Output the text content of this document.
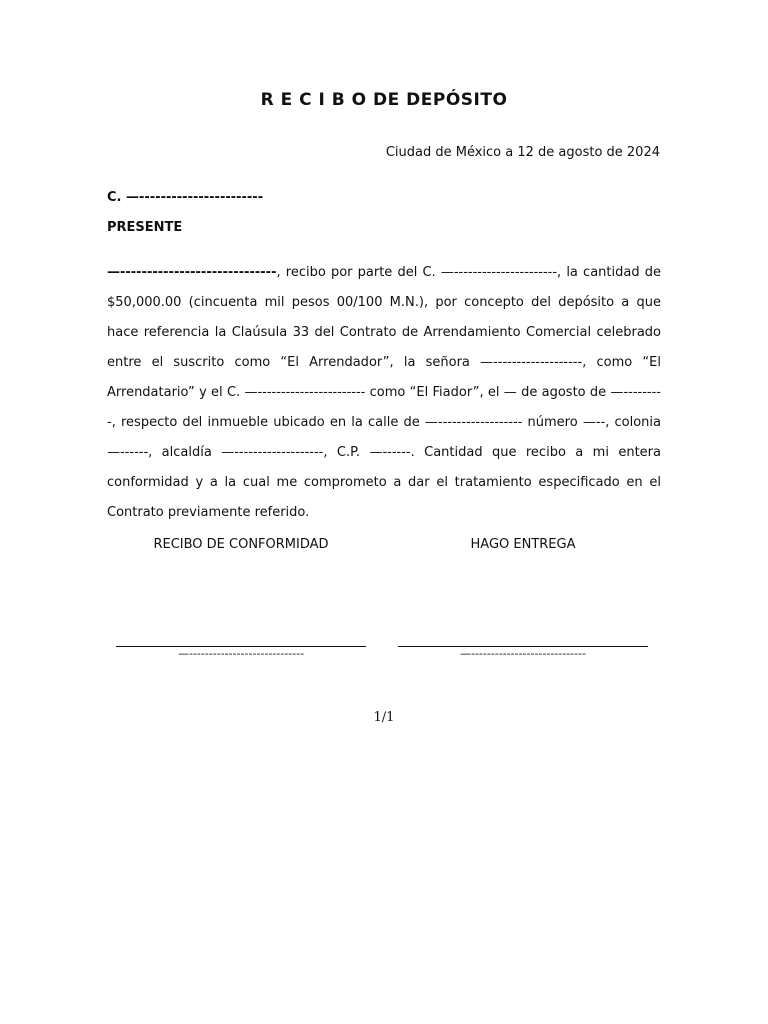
R E C I B O DE DEPÓSITO
Ciudad de México a 12 de agosto de 2024
C. —-----------------------
PRESENTE
—-----------------------------, recibo por parte del C. —----------------------, la cantidad de $50,000.00 (cincuenta mil pesos 00/100 M.N.), por concepto del depósito a que hace referencia la Claúsula 33 del Contrato de Arrendamiento Comercial celebrado entre el suscrito como “El Arrendador”, la señora —-------------------, como “El Arrendatario” y el C. —----------------------- como “El Fiador”, el — de agosto de —---------, respecto del inmueble ubicado en la calle de —------------------ número —--, colonia —------, alcaldía —-------------------, C.P. —------. Cantidad que recibo a mi entera conformidad y a la cual me comprometo a dar el tratamiento especificado en el Contrato previamente referido.
RECIBO DE CONFORMIDAD	HAGO ENTREGA
—-----------------------------	—-----------------------------
1/1
